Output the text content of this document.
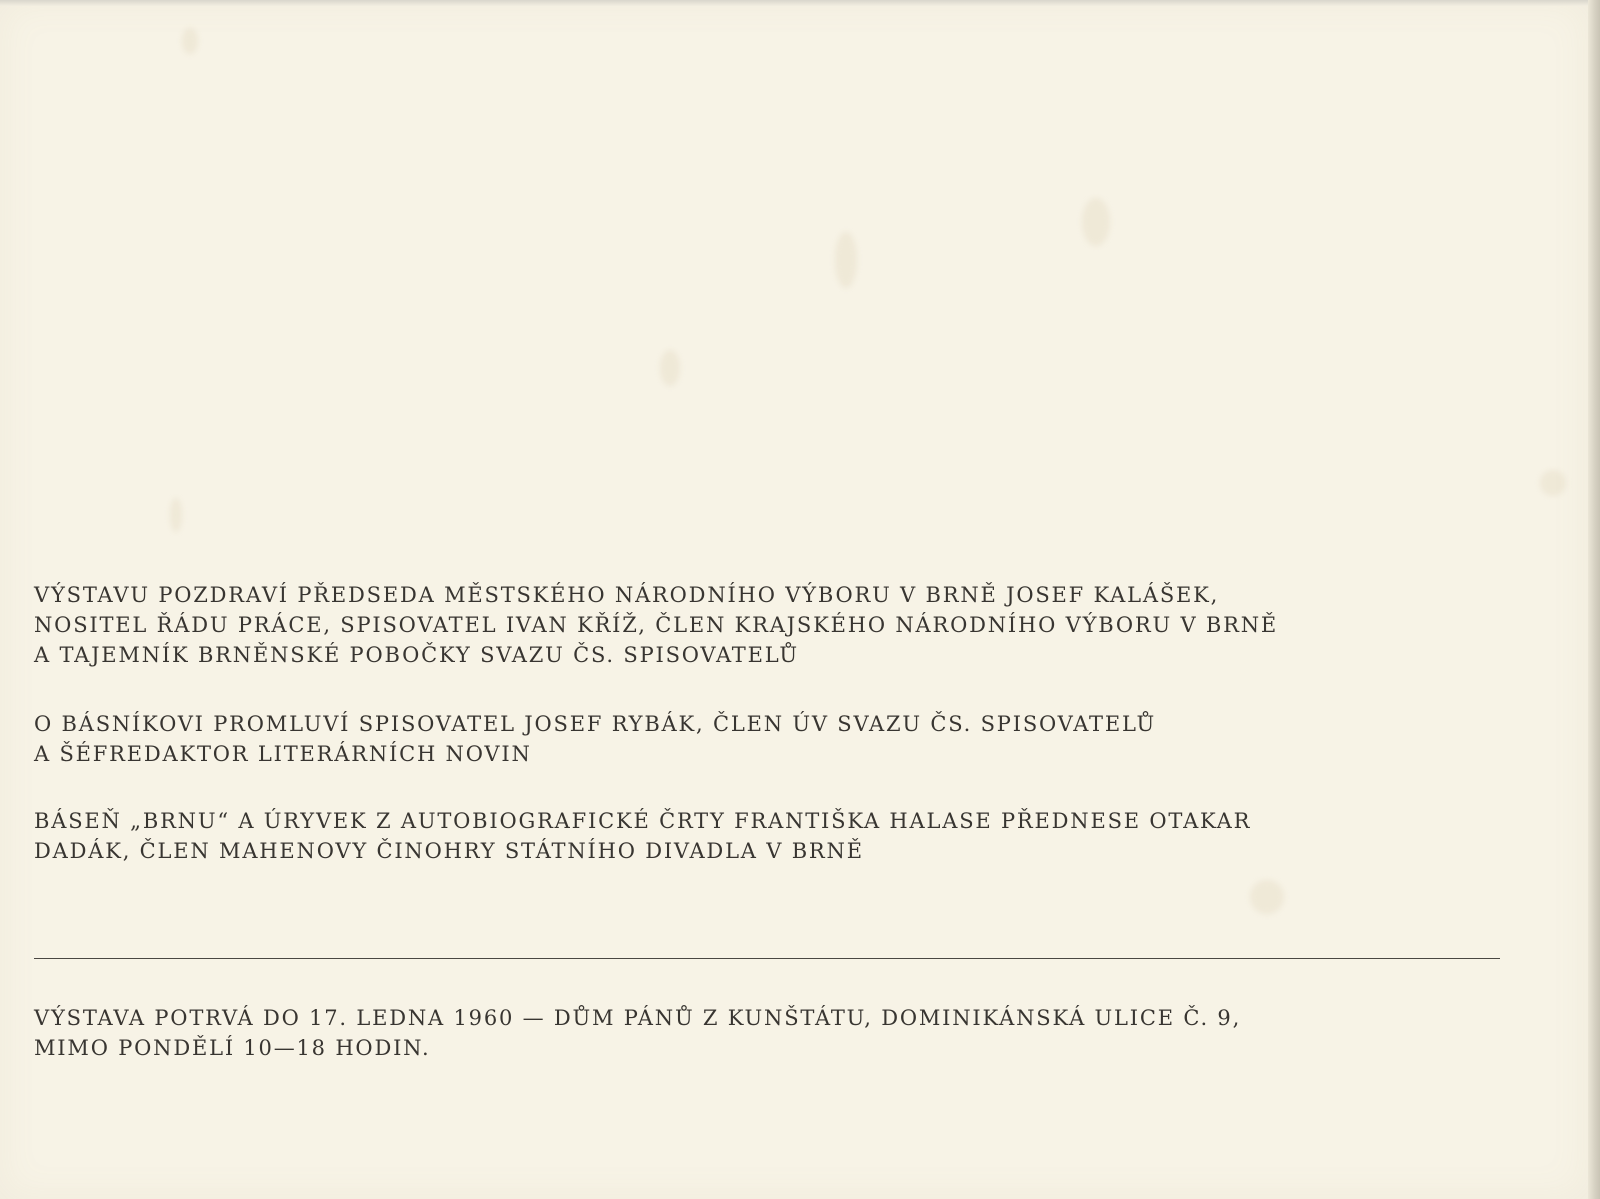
VÝSTAVU POZDRAVÍ PŘEDSEDA MĚSTSKÉHO NÁRODNÍHO VÝBORU V BRNĚ JOSEF KALÁŠEK,

NOSITEL ŘÁDU PRÁCE, SPISOVATEL IVAN KŘÍŽ, ČLEN KRAJSKÉHO NÁRODNÍHO VÝBORU V BRNĚ

A TAJEMNÍK BRNĚNSKÉ POBOČKY SVAZU ČS. SPISOVATELŮ

O BÁSNÍKOVI PROMLUVÍ SPISOVATEL JOSEF RYBÁK, ČLEN ÚV SVAZU ČS. SPISOVATELŮ

A ŠÉFREDAKTOR LITERÁRNÍCH NOVIN

BÁSEŇ „BRNU“ A ÚRYVEK Z AUTOBIOGRAFICKÉ ČRTY FRANTIŠKA HALASE PŘEDNESE OTAKAR

DADÁK, ČLEN MAHENOVY ČINOHRY STÁTNÍHO DIVADLA V BRNĚ

VÝSTAVA POTRVÁ DO 17. LEDNA 1960 — DŮM PÁNŮ Z KUNŠTÁTU, DOMINIKÁNSKÁ ULICE Č. 9,

MIMO PONDĚLÍ 10—18 HODIN.
